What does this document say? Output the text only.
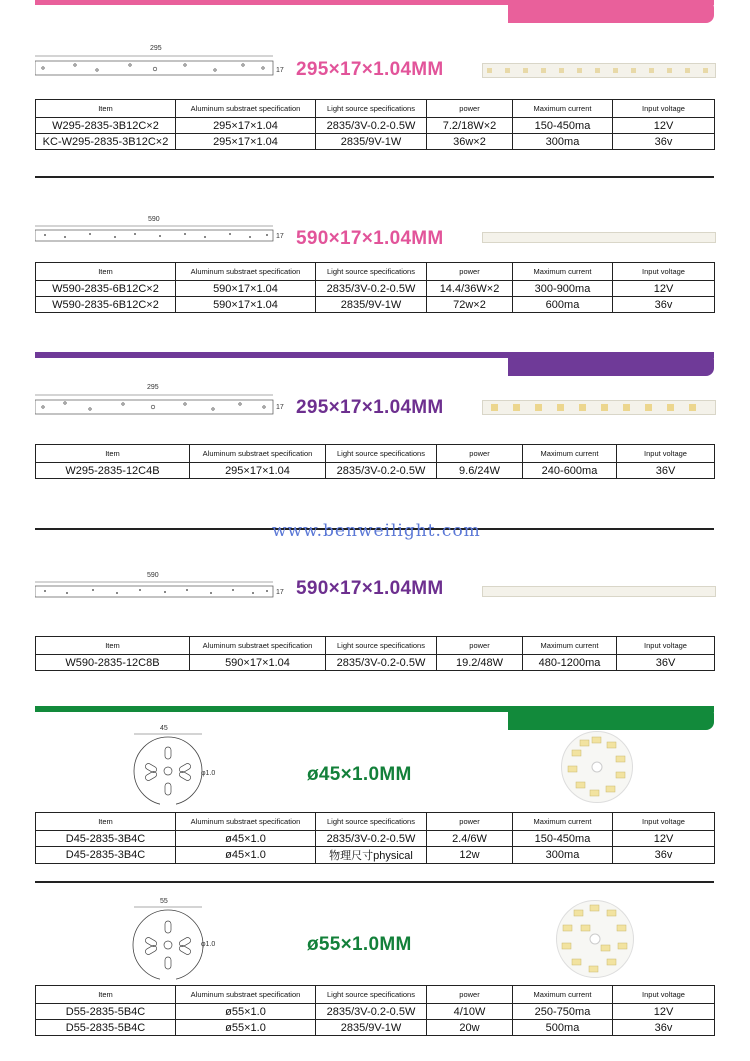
295
17 295×17×1.04MM
Item	Aluminum substraet specification	Light source specifications	power	Maximum current	Input voltage
W295-2835-3B12C×2	295×17×1.04	2835/3V-0.2-0.5W	7.2/18W×2	150-450ma	12V
KC-W295-2835-3B12C×2	295×17×1.04	2835/9V-1W	36w×2	300ma	36v
590
17 590×17×1.04MM
Item	Aluminum substraet specification	Light source specifications	power	Maximum current	Input voltage
W590-2835-6B12C×2	590×17×1.04	2835/3V-0.2-0.5W	14.4/36W×2	300-900ma	12V
W590-2835-6B12C×2	590×17×1.04	2835/9V-1W	72w×2	600ma	36v
295
17 295×17×1.04MM
Item	Aluminum substraet specification	Light source specifications	power	Maximum current	Input voltage
W295-2835-12C4B	295×17×1.04	2835/3V-0.2-0.5W	9.6/24W	240-600ma	36V
www.benweilight.com
590
17 590×17×1.04MM
Item	Aluminum substraet specification	Light source specifications	power	Maximum current	Input voltage
W590-2835-12C8B	590×17×1.04	2835/3V-0.2-0.5W	19.2/48W	480-1200ma	36V
45
φ1.0	ø45×1.0MM
Item	Aluminum substraet specification	Light source specifications	power	Maximum current	Input voltage
D45-2835-3B4C	ø45×1.0	2835/3V-0.2-0.5W	2.4/6W	150-450ma	12V
D45-2835-3B4C	ø45×1.0	物理尺寸physical	12w	300ma	36v
55
φ1.0	ø55×1.0MM
Item	Aluminum substraet specification	Light source specifications	power	Maximum current	Input voltage
D55-2835-5B4C	ø55×1.0	2835/3V-0.2-0.5W	4/10W	250-750ma	12V
D55-2835-5B4C	ø55×1.0	2835/9V-1W	20w	500ma	36v
